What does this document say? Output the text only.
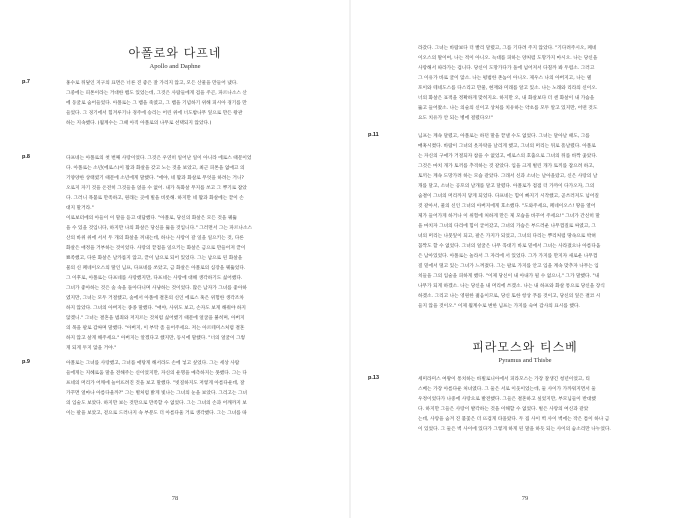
아폴로와 다프네
Apollo and Daphne
p.7	홍수로 뒤덮인 지구의 표면은 너른 진 좋은 잘 가리지 않고, 모든 산물을 만들어 냈다.
그중에는 피톤이라는 거대한 뱀도 있었는데, 그것은 사람들에게 겁을 주곤, 파르나소스 산
에 동굴로 숨어들었다. 아폴로는 그 뱀을 죽였고, 그 뱀을 기념하기 위해 피시아 경기를 만
들었다. 그 경기에서 힘겨루기나 경주에 승리는 어린 위에 너도밤나무 잎으로 만든 왕관
하는 지속했다. (월계수는 그때 아직 아폴로의 나무로 선택되지 않았다.)
p.8	다프네는 아폴로의 첫 번째 사랑이었다. 그것은 우연히 일어난 일이 아니라 에로스 때문이었
다. 아폴로는 소년(에로스)이 활과 화살을 갖고 노는 것을 보았고, 최근 피톤을 없애고 의
기양양한 상태였기 때문에 소년에게 말했다. "에야, 네 활과 화살로 무엇을 하려는 거니?
오로지 자기 것을 온전히 그것들을 얹을 수 없어. 내가 독화살 무지를 쏘고 그 뿌기로 잡았
다. 그러니 목불로 만족하고, 원래는 곳에 빌을 비롯해. 하지만 네 활과 화살에는 끝이 손
대지 말거라."
이로보터에의 아들이 이 말을 듣고 대답했다. "아폴로, 당신의 화살은 모든 것을 꿰뚫
을 수 있을 것입니다, 하지만 나의 화살은 당신을 뚫을 것입니다." 그러면서 그는 파르나소스
산의 바위 위에 서서 두 개의 화살을 꺼내는데, 하나는 사랑이 갈 일을 일으키는 것, 다른
화살은 애정을 거부하는 것이었다. 사랑의 끝점을 일으키는 화살은 금으로 만들어져 끝이
뾰족했고, 다른 화살은 날카롭지 않고, 끝이 납으로 되어 있었다. 그는 납으로 된 화살을
물의 신 페네이오스의 딸인 님프, 다프네를 쏘았고, 금 화살은 아폴로의 심장을 꿰뚫었다.
그 이후로, 아폴로는 다프네를 사랑했지만, 다프네는 사랑에 대해 생각하기도 싫어했다.
그녀가 좋아하는 것은 숲 속을 돌아다니며 사냥하는 것이었다. 많은 남자가 그녀를 좋아하
였지만, 그녀는 모두 거절했고, 숲에서 아폴에 결혼의 신인 에로스 혹은 위험한 생각조차
하지 않았다. 그녀의 아버지는 종종 말했다. "애야, 사위도 보고, 손자도 보게 해줘야 하지
않겠니." 그녀는 결혼을 범죄와 저지르는 것처럼 싫어했기 때문에 얼굴을 붉히며, 아버지
의 목을 팔로 감싸며 말했다. "아버지, 이 부탁 좀 들어주세요. 저는 아르테미스처럼 결혼
하지 않고 살게 해주세요." 아버지는 알겠다고 했지만, 동시에 말했다. "너의 얼굴이 그렇
게 되게 두지 않을 거야."
p.9	아폴로는 그녀를 사랑했고, 그녀를 애탕게 해서라도 손에 넣고 싶었다. 그는 세상 사람
들에게는 지혜로움 말을 전해주는 신이었지만, 자신의 운명을 예측하지는 못했다. 그는 다
프네의 머리가 어깨에 늘어뜨려진 것을 보고 말했다. "빗질하지도 저렇게 아름다운데, 잘
가꾸면 얼마나 아름다울까?" 그는 별처럼 밝게 빛나는 그녀의 눈을 보았다. 그리고는 그녀
의 입술도 보았다. 하지만 보는 것만으로 만족할 수 없었다. 그는 그녀의 손과 어깨까지 보
이는 팔을 보았고, 겉으로 드러나지 속 부분도 더 아름다울 거로 생각했다. 그는 그녀를 따
78
라갔다. 그녀는 바람보다 더 빨리 달렸고, 그를 기다려 주지 않았다. "기다려주시오, 페네
이오스의 딸이여, 나는 적이 아니오. 늑대를 피하는 양처럼 도망가지 마시오. 나는 당신을
사랑해서 따라가는 겁니다. 당신이 도망가다가 돌에 넘어져서 다칠까 봐 두렵소. 그러고
그 이유가 바로 굴이 않소. 나는 평범한 촌놈이 아니오. 제우스 나의 아버지고, 나는 델
포이와 테네도스를 다스리고 만물, 현재와 미래를 알고 있소. 나는 노래와 리라의 신이오.
너의 화살은 표적을 정확하게 맞히지요. 하지만 오, 내 화살보다 더 센 화살이 내 가슴을
뚫고 들어왔소. 나는 의술의 신이고 상처를 치유하는 약초를 모두 알고 있지만, 어떤 것도
요도 치유가 안 되는 병에 걸렸다오!"
p.11	님프는 계속 달렸고, 아폴로는 하던 말을 끝낼 수도 없었다. 그녀는 달아날 때도, 그를
매혹시켰다. 바람이 그녀의 옷자락을 날리게 했고, 그녀의 머리는 뒤로 흩날렸다. 아폴로
는 자신의 구애가 거절되자 참을 수 없었고, 에로스의 호출으로 그녀의 뒤를 바짝 좇았다.
그것은 마치 개가 토끼를 추격하는 것 같았다. 입을 크게 벌린 개가 토끼를 잡으려 하고,
토끼는 계속 도망가려 하는 모습 같았다. 그래서 신과 소녀는 날아올랐고, 신은 사랑의 날
개를 달고, 소녀는 공포의 날개를 달고 달렸다. 아폴로가 점점 더 가까이 다가오자, 그의
숨결이 그녀의 머리까지 닿게 되었다. 다프네는 힘이 빠지기 시작했고, 곧쓰러져도 넘어질
것 같아서, 물의 신인 그녀의 아버지에게 호소했다. "도와주세요, 페네이오스! 땅을 열어
제가 들어가게 하거나 이 위험에 처하게 만든 제 모습을 바꾸어 주세요!" 그녀가 간신히 말
을 마치자 그녀의 다리에 힘이 굳어갔고, 그녀의 가슴은 부드러운 나무껍질로 싸였고, 그
녀의 머리는 나뭇잎이 되고, 팔은 가지가 되었고, 그녀의 다리는 뿌리처럼 땅속으로 박혀
꼼짝도 할 수 없었다. 그녀의 얼굴은 나무 꼭대기 바로 밑에서 그녀는 사라졌으나 아름다움
은 남아있었다. 아폴로는 놀라서 그 자리에 서 있었다. 그가 가지를 만지자 새로운 나무껍
질 밑에서 떨고 있는 그녀가 느껴졌다. 그는 팔로 가지를 안고 입을 계속 맞추자 나무는 입
치들을 그의 입술을 피하게 했다. "이제 당신이 내 아내가 될 수 없으니," 그가 말했다. "내
나무가 되게 하겠소. 나는 당신을 내 머리에 쓰겠소. 나는 내 하프와 화살 통으로 당신을 장식
하겠소. 그리고 나는 영원한 젊음이므로, 당신 또한 항상 푸를 것이고, 당신의 잎은 결코 시
들지 않을 것이오." 이제 월계수로 변한 님프는 가지를 숙여 감사의 표시를 했다.
피라모스와 티스베
Pyramus and Thisbe
p.13	세미라미스 여왕이 통치하는 바빌로니아에서 피라모스는 가장 잘생긴 청년이었고, 티
스베는 가장 아름다운 처녀였다. 그 둘은 서로 이웃이었는데, 둘 사이가 가까워지면서 둘
우정이었다가 나중에 사랑으로 발전했다. 그들은 결혼하고 싶었지만, 부모님들이 반대했
다. 하지만 그들은 사랑이 발각하는 것을 이해할 수 없었다. 벌은 사랑의 여신과 같았
는데, 사랑을 숨겨 진 불꽃은 더 뜨겁게 타올랐다. 두 집 사이 벽 사이 벽에는 작은 틈이 하나 금
이 있었다. 그 둘은 벽 사이에 있다가 그렇게 하게 된 말을 하듯 되는 사이의 숨소리만 나누었다.
79
